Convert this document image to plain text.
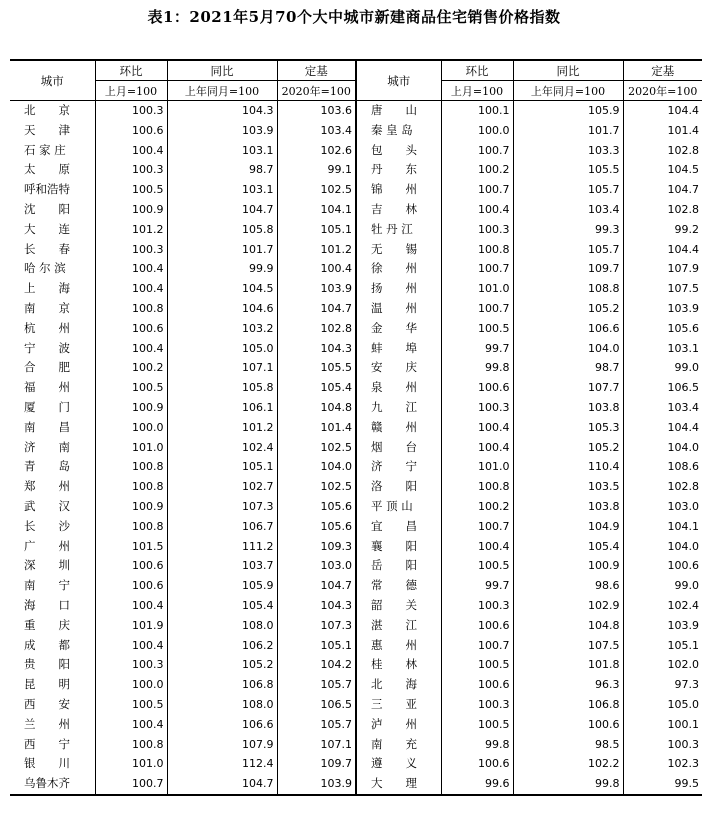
表1：2021年5月70个大中城市新建商品住宅销售价格指数
城市	环比	同比	定基	城市	环比	同比	定基
	上月=100	上年同月=100	2020年=100		上月=100	上年同月=100	2020年=100
北　　京	100.3	104.3	103.6	唐　　山	100.1	105.9	104.4
天　　津	100.6	103.9	103.4	秦 皇 岛	100.0	101.7	101.4
石 家 庄	100.4	103.1	102.6	包　　头	100.7	103.3	102.8
太　　原	100.3	98.7	99.1	丹　　东	100.2	105.5	104.5
呼和浩特	100.5	103.1	102.5	锦　　州	100.7	105.7	104.7
沈　　阳	100.9	104.7	104.1	吉　　林	100.4	103.4	102.8
大　　连	101.2	105.8	105.1	牡 丹 江	100.3	99.3	99.2
长　　春	100.3	101.7	101.2	无　　锡	100.8	105.7	104.4
哈 尔 滨	100.4	99.9	100.4	徐　　州	100.7	109.7	107.9
上　　海	100.4	104.5	103.9	扬　　州	101.0	108.8	107.5
南　　京	100.8	104.6	104.7	温　　州	100.7	105.2	103.9
杭　　州	100.6	103.2	102.8	金　　华	100.5	106.6	105.6
宁　　波	100.4	105.0	104.3	蚌　　埠	99.7	104.0	103.1
合　　肥	100.2	107.1	105.5	安　　庆	99.8	98.7	99.0
福　　州	100.5	105.8	105.4	泉　　州	100.6	107.7	106.5
厦　　门	100.9	106.1	104.8	九　　江	100.3	103.8	103.4
南　　昌	100.0	101.2	101.4	赣　　州	100.4	105.3	104.4
济　　南	101.0	102.4	102.5	烟　　台	100.4	105.2	104.0
青　　岛	100.8	105.1	104.0	济　　宁	101.0	110.4	108.6
郑　　州	100.8	102.7	102.5	洛　　阳	100.8	103.5	102.8
武　　汉	100.9	107.3	105.6	平 顶 山	100.2	103.8	103.0
长　　沙	100.8	106.7	105.6	宜　　昌	100.7	104.9	104.1
广　　州	101.5	111.2	109.3	襄　　阳	100.4	105.4	104.0
深　　圳	100.6	103.7	103.0	岳　　阳	100.5	100.9	100.6
南　　宁	100.6	105.9	104.7	常　　德	99.7	98.6	99.0
海　　口	100.4	105.4	104.3	韶　　关	100.3	102.9	102.4
重　　庆	101.9	108.0	107.3	湛　　江	100.6	104.8	103.9
成　　都	100.4	106.2	105.1	惠　　州	100.7	107.5	105.1
贵　　阳	100.3	105.2	104.2	桂　　林	100.5	101.8	102.0
昆　　明	100.0	106.8	105.7	北　　海	100.6	96.3	97.3
西　　安	100.5	108.0	106.5	三　　亚	100.3	106.8	105.0
兰　　州	100.4	106.6	105.7	泸　　州	100.5	100.6	100.1
西　　宁	100.8	107.9	107.1	南　　充	99.8	98.5	100.3
银　　川	101.0	112.4	109.7	遵　　义	100.6	102.2	102.3
乌鲁木齐	100.7	104.7	103.9	大　　理	99.6	99.8	99.5
